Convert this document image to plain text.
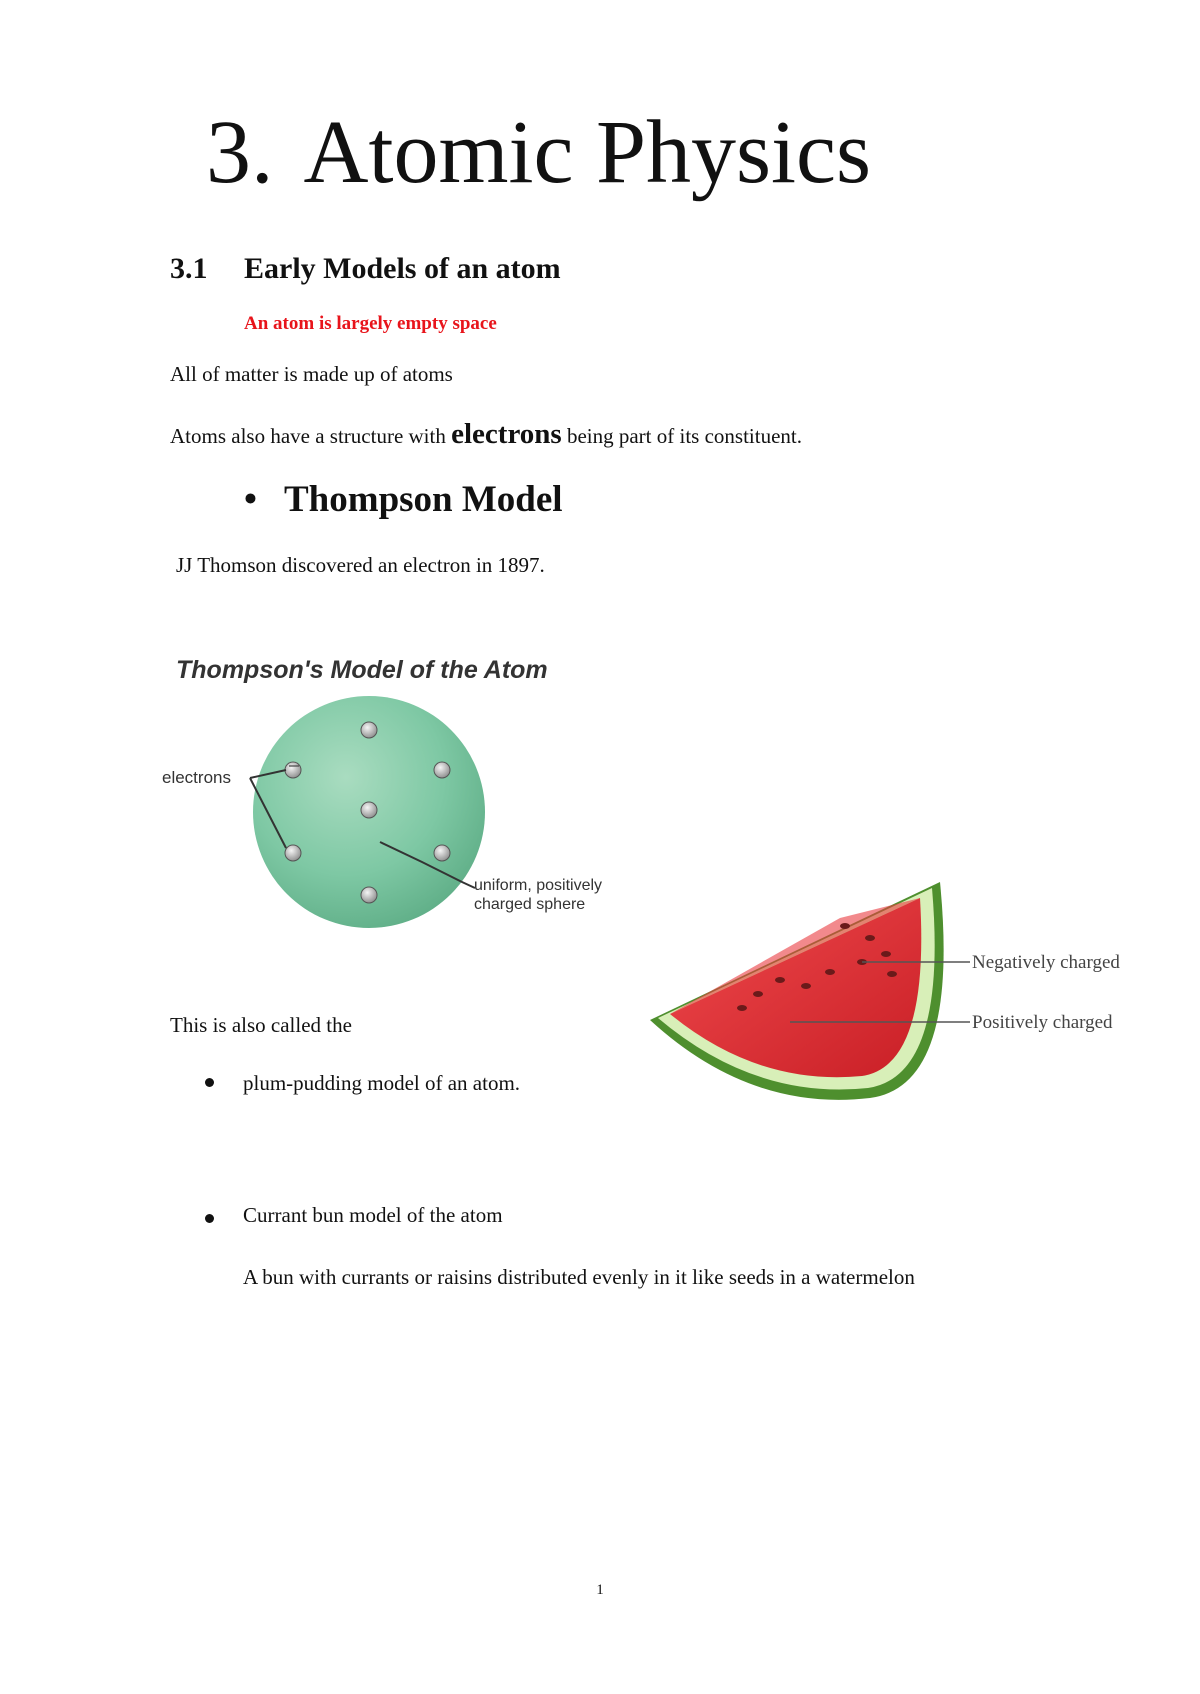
3. Atomic Physics
3.1 Early Models of an atom
An atom is largely empty space
All of matter is made up of atoms
Atoms also have a structure with electrons being part of its constituent.
• Thompson Model
JJ Thomson discovered an electron in 1897.
Thompson's Model of the Atom
electrons
uniform, positively
charged sphere
Negatively charged
Positively charged
This is also called the
plum-pudding model of an atom.
Currant bun model of the atom
A bun with currants or raisins distributed evenly in it like seeds in a watermelon
1
